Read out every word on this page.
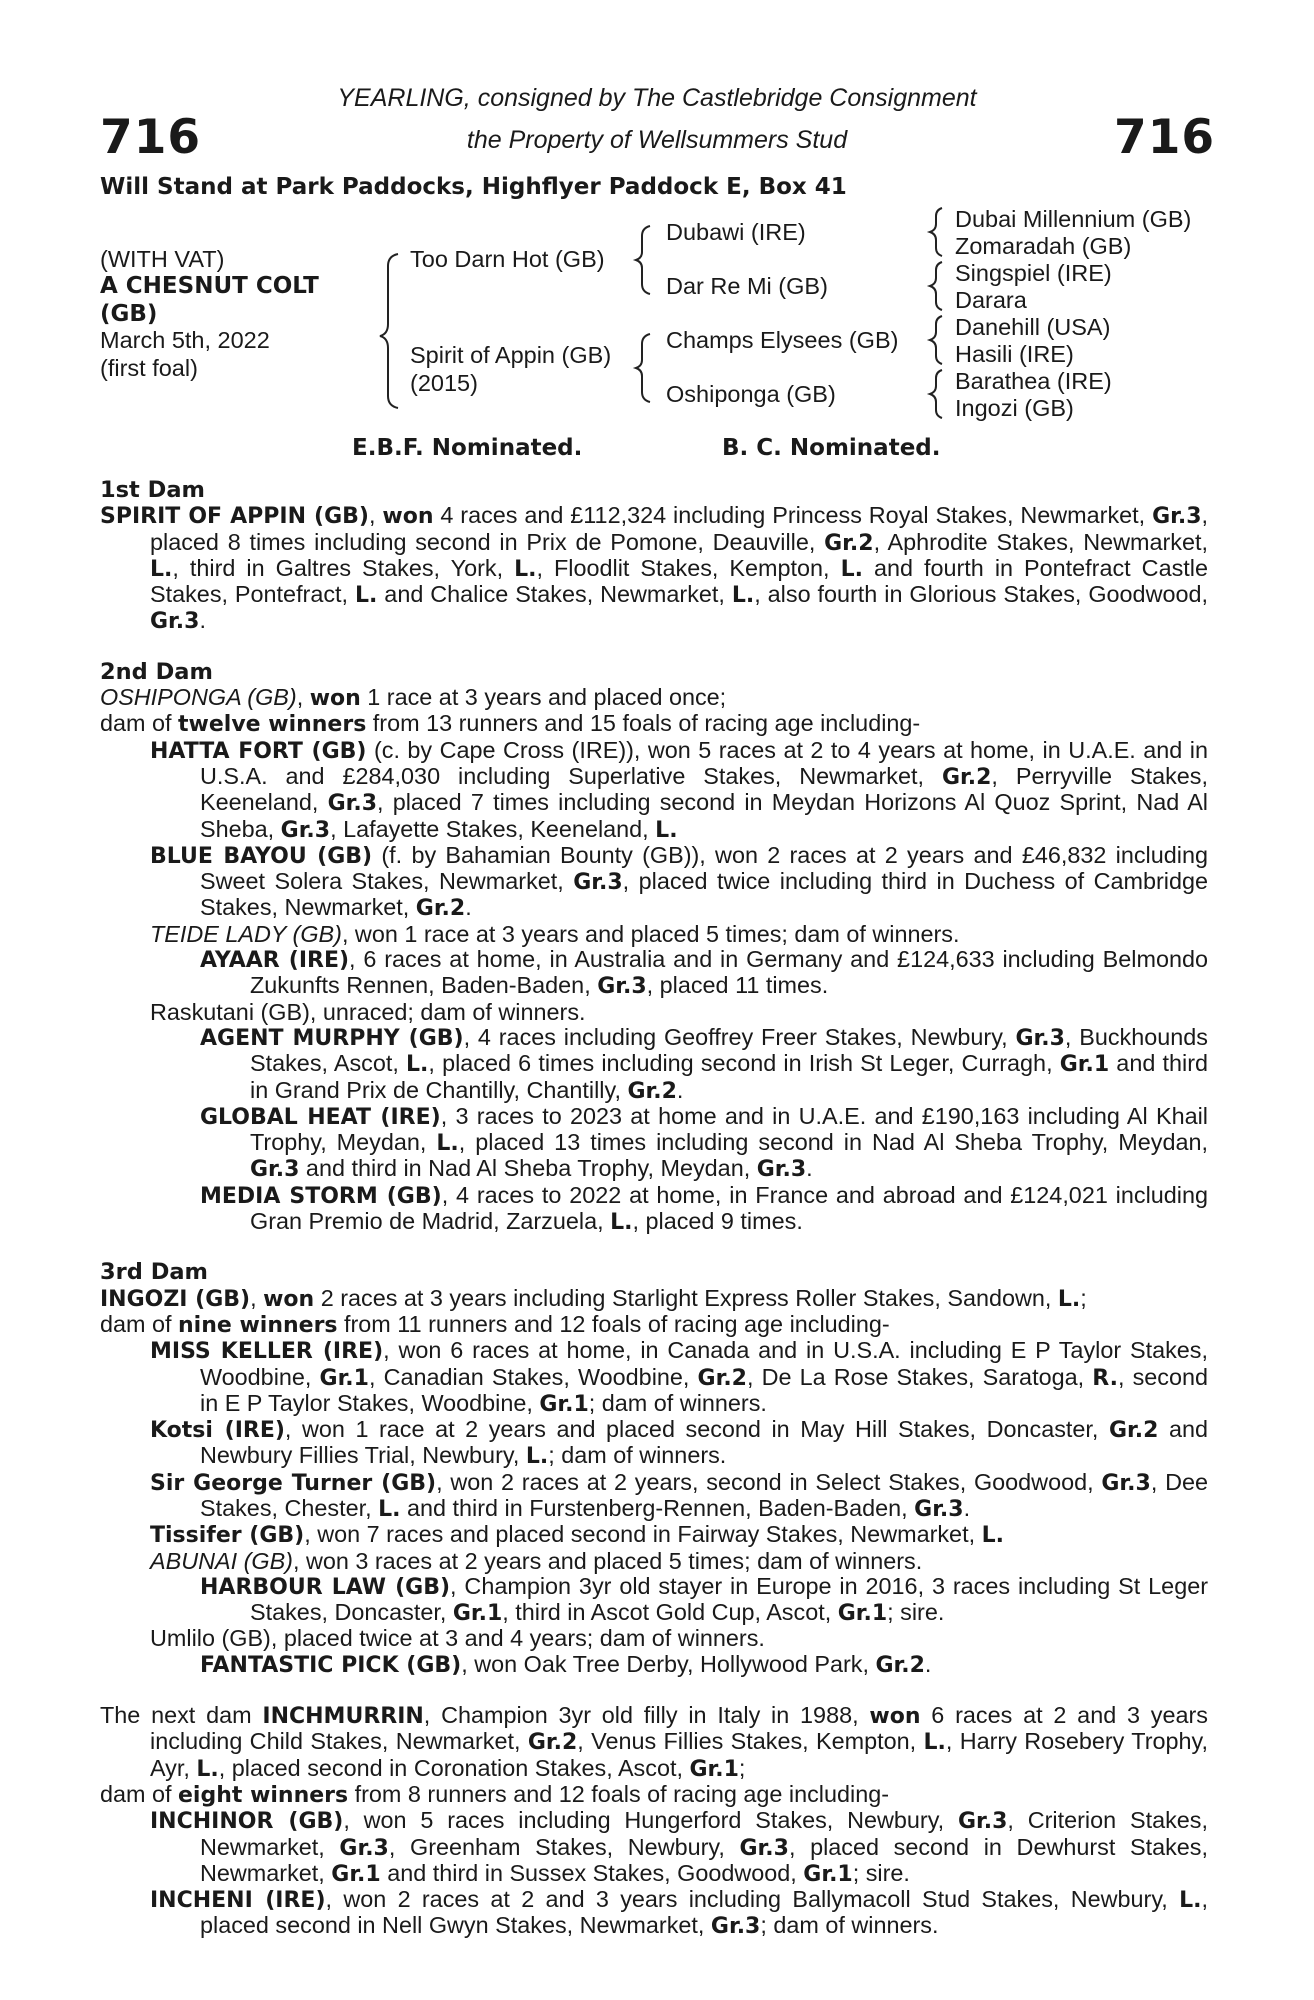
716	716
YEARLING, consigned by The Castlebridge Consignment
the Property of Wellsummers Stud
Will Stand at Park Paddocks, Highflyer Paddock E, Box 41
(WITH VAT)
A CHESNUT COLT
(GB)
March 5th, 2022
(first foal)
Too Darn Hot (GB)
Spirit of Appin (GB)
(2015)
Dubawi (IRE)
Dar Re Mi (GB)
Champs Elysees (GB)
Oshiponga (GB)
Dubai Millennium (GB)
Zomaradah (GB)
Singspiel (IRE)
Darara
Danehill (USA)
Hasili (IRE)
Barathea (IRE)
Ingozi (GB)
E.B.F. Nominated.	B. C. Nominated.
1st Dam
SPIRIT OF APPIN (GB), won 4 races and £112,324 including Princess Royal Stakes, Newmarket, Gr.3, placed 8 times including second in Prix de Pomone, Deauville, Gr.2, Aphrodite Stakes, Newmarket, L., third in Galtres Stakes, York, L., Floodlit Stakes, Kempton, L. and fourth in Pontefract Castle Stakes, Pontefract, L. and Chalice Stakes, Newmarket, L., also fourth in Glorious Stakes, Goodwood, Gr.3.
2nd Dam
OSHIPONGA (GB), won 1 race at 3 years and placed once;
dam of twelve winners from 13 runners and 15 foals of racing age including-
HATTA FORT (GB) (c. by Cape Cross (IRE)), won 5 races at 2 to 4 years at home, in U.A.E. and in U.S.A. and £284,030 including Superlative Stakes, Newmarket, Gr.2, Perryville Stakes, Keeneland, Gr.3, placed 7 times including second in Meydan Horizons Al Quoz Sprint, Nad Al Sheba, Gr.3, Lafayette Stakes, Keeneland, L.
BLUE BAYOU (GB) (f. by Bahamian Bounty (GB)), won 2 races at 2 years and £46,832 including Sweet Solera Stakes, Newmarket, Gr.3, placed twice including third in Duchess of Cambridge Stakes, Newmarket, Gr.2.
TEIDE LADY (GB), won 1 race at 3 years and placed 5 times; dam of winners.
AYAAR (IRE), 6 races at home, in Australia and in Germany and £124,633 including Belmondo Zukunfts Rennen, Baden-Baden, Gr.3, placed 11 times.
Raskutani (GB), unraced; dam of winners.
AGENT MURPHY (GB), 4 races including Geoffrey Freer Stakes, Newbury, Gr.3, Buckhounds Stakes, Ascot, L., placed 6 times including second in Irish St Leger, Curragh, Gr.1 and third in Grand Prix de Chantilly, Chantilly, Gr.2.
GLOBAL HEAT (IRE), 3 races to 2023 at home and in U.A.E. and £190,163 including Al Khail Trophy, Meydan, L., placed 13 times including second in Nad Al Sheba Trophy, Meydan, Gr.3 and third in Nad Al Sheba Trophy, Meydan, Gr.3.
MEDIA STORM (GB), 4 races to 2022 at home, in France and abroad and £124,021 including Gran Premio de Madrid, Zarzuela, L., placed 9 times.
3rd Dam
INGOZI (GB), won 2 races at 3 years including Starlight Express Roller Stakes, Sandown, L.;
dam of nine winners from 11 runners and 12 foals of racing age including-
MISS KELLER (IRE), won 6 races at home, in Canada and in U.S.A. including E P Taylor Stakes, Woodbine, Gr.1, Canadian Stakes, Woodbine, Gr.2, De La Rose Stakes, Saratoga, R., second in E P Taylor Stakes, Woodbine, Gr.1; dam of winners.
Kotsi (IRE), won 1 race at 2 years and placed second in May Hill Stakes, Doncaster, Gr.2 and Newbury Fillies Trial, Newbury, L.; dam of winners.
Sir George Turner (GB), won 2 races at 2 years, second in Select Stakes, Goodwood, Gr.3, Dee Stakes, Chester, L. and third in Furstenberg-Rennen, Baden-Baden, Gr.3.
Tissifer (GB), won 7 races and placed second in Fairway Stakes, Newmarket, L.
ABUNAI (GB), won 3 races at 2 years and placed 5 times; dam of winners.
HARBOUR LAW (GB), Champion 3yr old stayer in Europe in 2016, 3 races including St Leger Stakes, Doncaster, Gr.1, third in Ascot Gold Cup, Ascot, Gr.1; sire.
Umlilo (GB), placed twice at 3 and 4 years; dam of winners.
FANTASTIC PICK (GB), won Oak Tree Derby, Hollywood Park, Gr.2.
The next dam INCHMURRIN, Champion 3yr old filly in Italy in 1988, won 6 races at 2 and 3 years including Child Stakes, Newmarket, Gr.2, Venus Fillies Stakes, Kempton, L., Harry Rosebery Trophy, Ayr, L., placed second in Coronation Stakes, Ascot, Gr.1;
dam of eight winners from 8 runners and 12 foals of racing age including-
INCHINOR (GB), won 5 races including Hungerford Stakes, Newbury, Gr.3, Criterion Stakes, Newmarket, Gr.3, Greenham Stakes, Newbury, Gr.3, placed second in Dewhurst Stakes, Newmarket, Gr.1 and third in Sussex Stakes, Goodwood, Gr.1; sire.
INCHENI (IRE), won 2 races at 2 and 3 years including Ballymacoll Stud Stakes, Newbury, L., placed second in Nell Gwyn Stakes, Newmarket, Gr.3; dam of winners.
